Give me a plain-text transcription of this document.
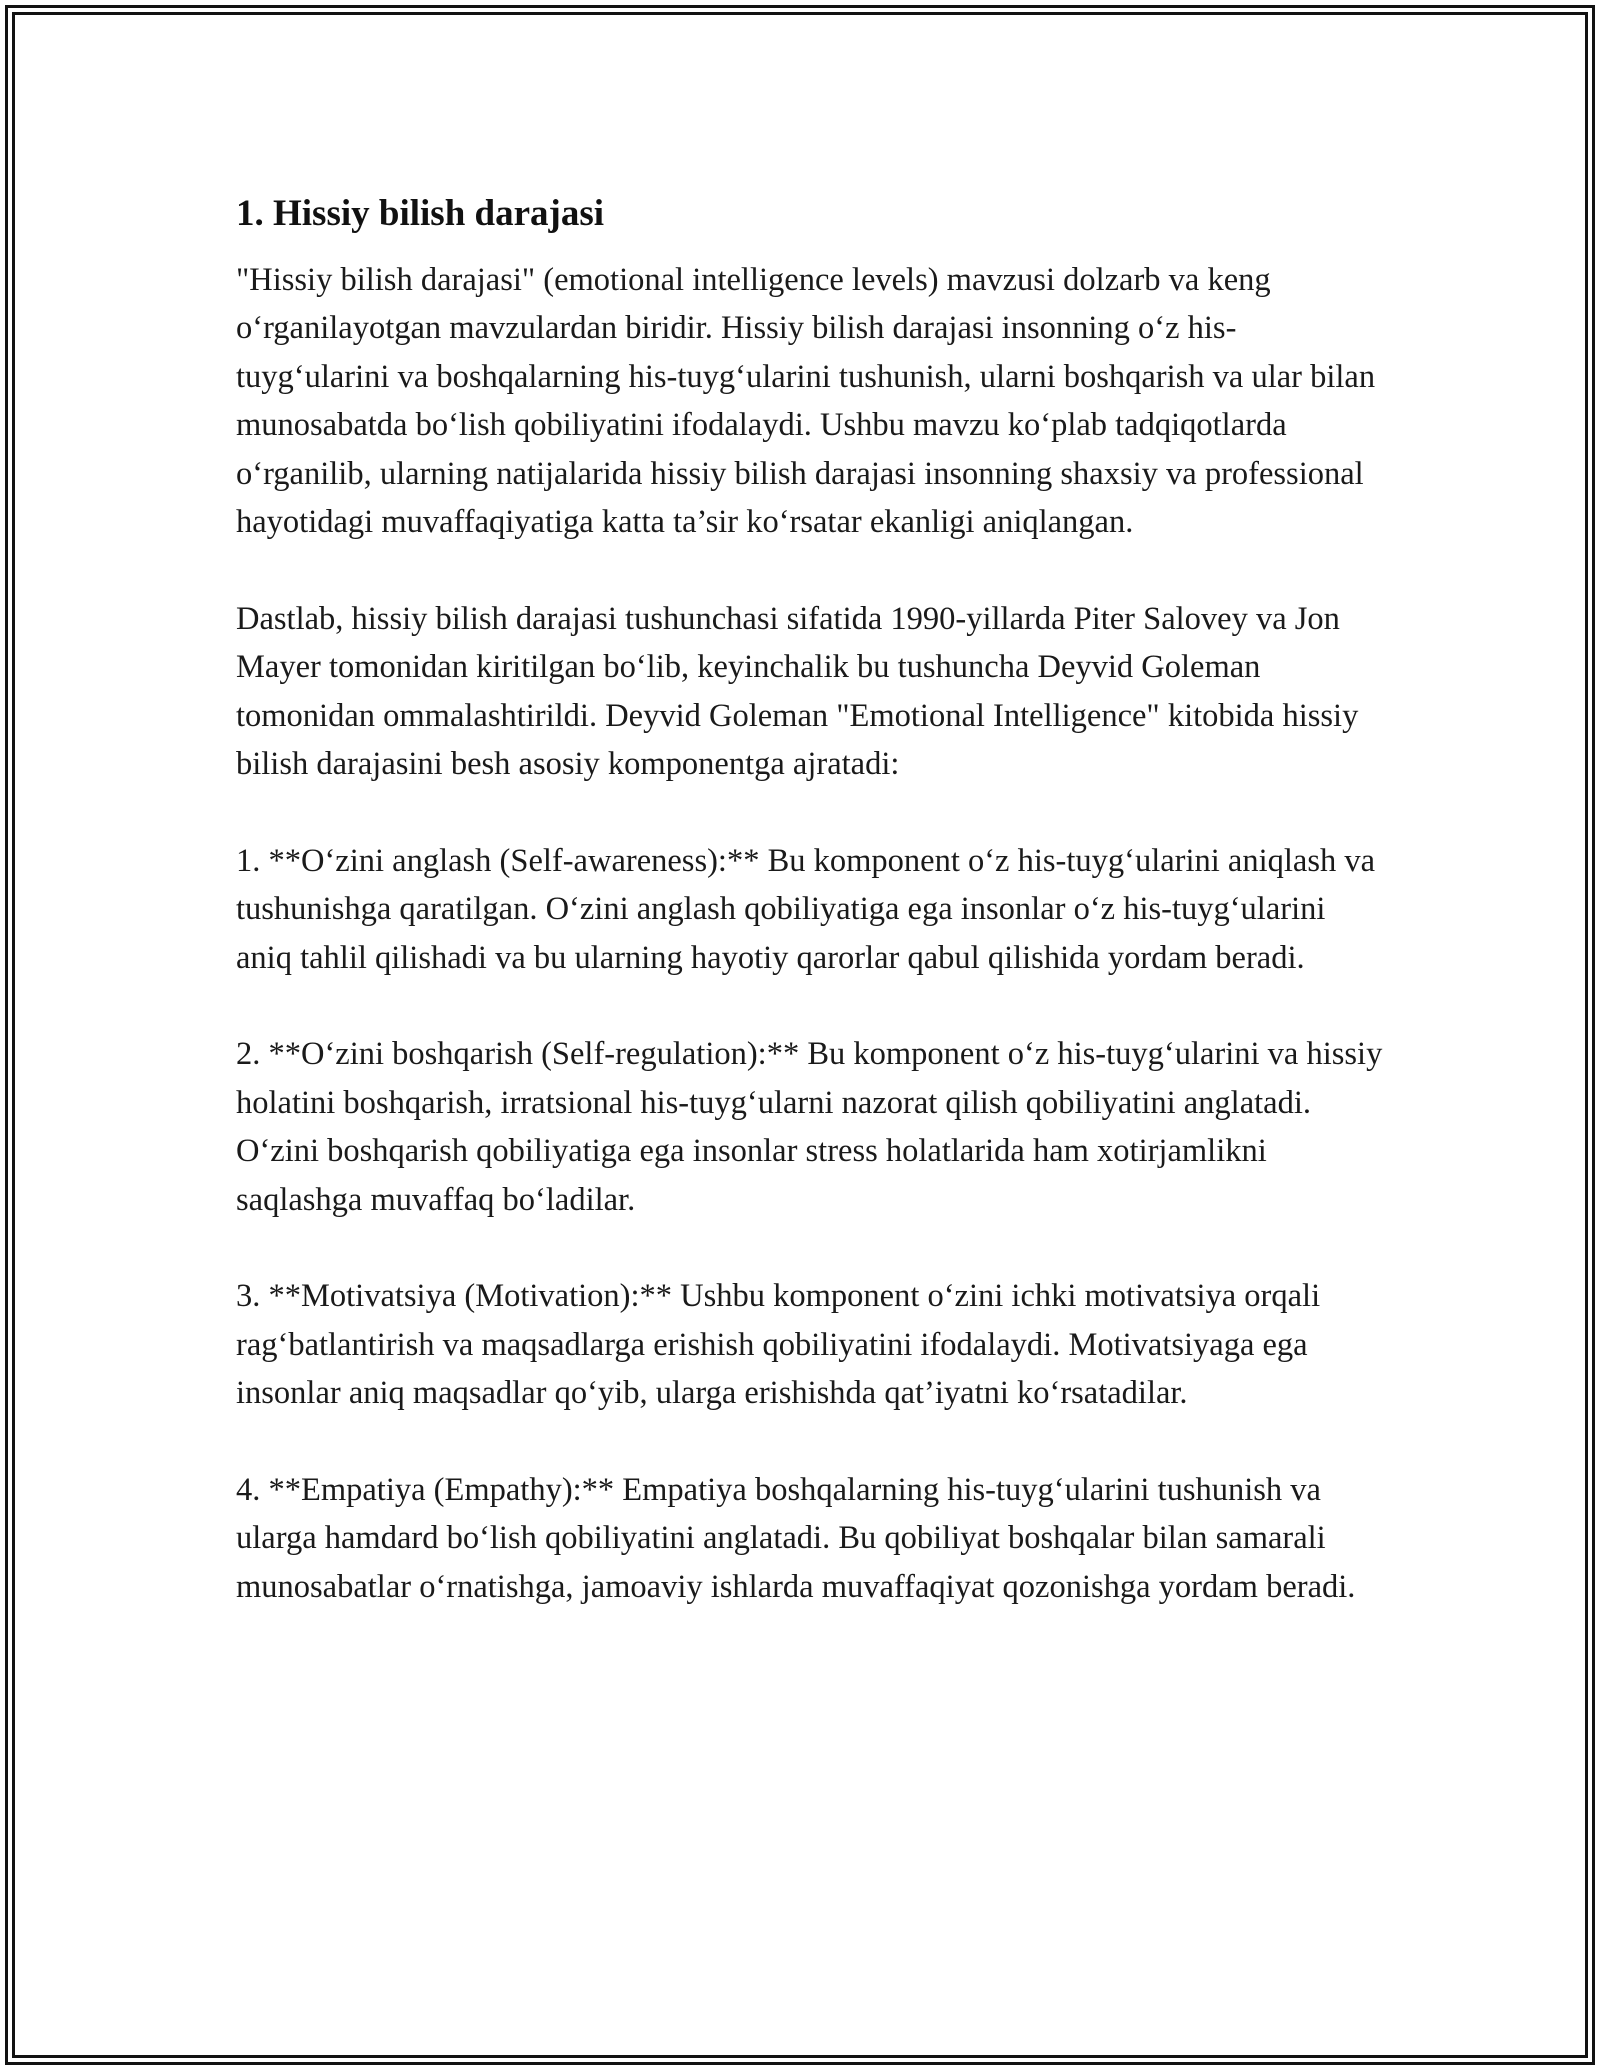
1. Hissiy bilish darajasi

"Hissiy bilish darajasi" (emotional intelligence levels) mavzusi dolzarb va keng o‘rganilayotgan mavzulardan biridir. Hissiy bilish darajasi insonning o‘z his-tuyg‘ularini va boshqalarning his-tuyg‘ularini tushunish, ularni boshqarish va ular bilan munosabatda bo‘lish qobiliyatini ifodalaydi. Ushbu mavzu ko‘plab tadqiqotlarda o‘rganilib, ularning natijalarida hissiy bilish darajasi insonning shaxsiy va professional hayotidagi muvaffaqiyatiga katta ta’sir ko‘rsatar ekanligi aniqlangan.

Dastlab, hissiy bilish darajasi tushunchasi sifatida 1990-yillarda Piter Salovey va Jon Mayer tomonidan kiritilgan bo‘lib, keyinchalik bu tushuncha Deyvid Goleman tomonidan ommalashtirildi. Deyvid Goleman "Emotional Intelligence" kitobida hissiy bilish darajasini besh asosiy komponentga ajratadi:

1. **O‘zini anglash (Self-awareness):** Bu komponent o‘z his-tuyg‘ularini aniqlash va tushunishga qaratilgan. O‘zini anglash qobiliyatiga ega insonlar o‘z his-tuyg‘ularini aniq tahlil qilishadi va bu ularning hayotiy qarorlar qabul qilishida yordam beradi.

2. **O‘zini boshqarish (Self-regulation):** Bu komponent o‘z his-tuyg‘ularini va hissiy holatini boshqarish, irratsional his-tuyg‘ularni nazorat qilish qobiliyatini anglatadi. O‘zini boshqarish qobiliyatiga ega insonlar stress holatlarida ham xotirjamlikni saqlashga muvaffaq bo‘ladilar.

3. **Motivatsiya (Motivation):** Ushbu komponent o‘zini ichki motivatsiya orqali rag‘batlantirish va maqsadlarga erishish qobiliyatini ifodalaydi. Motivatsiyaga ega insonlar aniq maqsadlar qo‘yib, ularga erishishda qat’iyatni ko‘rsatadilar.

4. **Empatiya (Empathy):** Empatiya boshqalarning his-tuyg‘ularini tushunish va ularga hamdard bo‘lish qobiliyatini anglatadi. Bu qobiliyat boshqalar bilan samarali munosabatlar o‘rnatishga, jamoaviy ishlarda muvaffaqiyat qozonishga yordam beradi.
